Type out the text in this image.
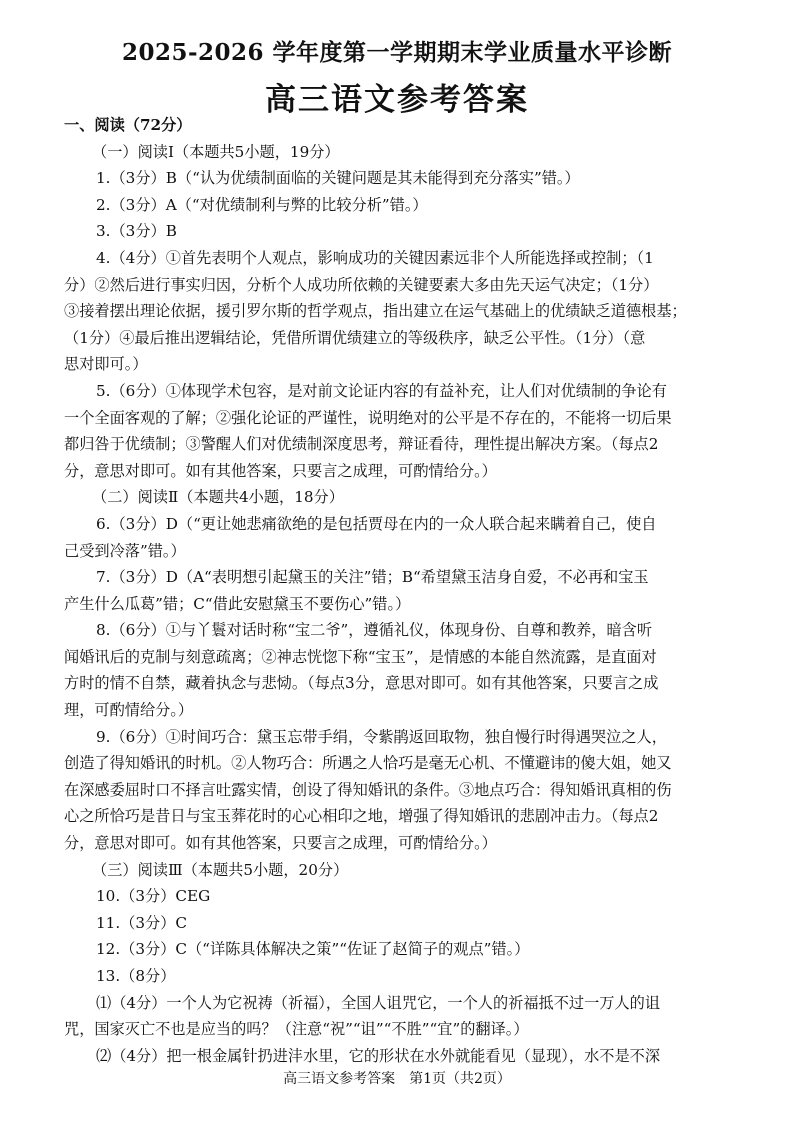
2025-2026 学年度第一学期期末学业质量水平诊断
高三语文参考答案
一、阅读（72分）
（一）阅读Ⅰ（本题共5小题，19分）
1.（3分）B（“认为优绩制面临的关键问题是其未能得到充分落实”错。）
2.（3分）A（“对优绩制利与弊的比较分析”错。）
3.（3分）B
4.（4分）①首先表明个人观点，影响成功的关键因素远非个人所能选择或控制；（1
分）②然后进行事实归因，分析个人成功所依赖的关键要素大多由先天运气决定；（1分）
③接着摆出理论依据，援引罗尔斯的哲学观点，指出建立在运气基础上的优绩缺乏道德根基；
（1分）④最后推出逻辑结论，凭借所谓优绩建立的等级秩序，缺乏公平性。（1分）（意
思对即可。）
5.（6分）①体现学术包容，是对前文论证内容的有益补充，让人们对优绩制的争论有
一个全面客观的了解；②强化论证的严谨性，说明绝对的公平是不存在的，不能将一切后果
都归咎于优绩制；③警醒人们对优绩制深度思考，辩证看待，理性提出解决方案。（每点2
分，意思对即可。如有其他答案，只要言之成理，可酌情给分。）
（二）阅读Ⅱ（本题共4小题，18分）
6.（3分）D（“更让她悲痛欲绝的是包括贾母在内的一众人联合起来瞒着自己，使自
己受到冷落”错。）
7.（3分）D（A“表明想引起黛玉的关注”错；B“希望黛玉洁身自爱，不必再和宝玉
产生什么瓜葛”错；C“借此安慰黛玉不要伤心”错。）
8.（6分）①与丫鬟对话时称“宝二爷”，遵循礼仪，体现身份、自尊和教养，暗含听
闻婚讯后的克制与刻意疏离；②神志恍惚下称“宝玉”，是情感的本能自然流露，是直面对
方时的情不自禁，藏着执念与悲恸。（每点3分，意思对即可。如有其他答案，只要言之成
理，可酌情给分。）
9.（6分）①时间巧合：黛玉忘带手绢，令紫鹃返回取物，独自慢行时得遇哭泣之人，
创造了得知婚讯的时机。②人物巧合：所遇之人恰巧是毫无心机、不懂避讳的傻大姐，她又
在深感委屈时口不择言吐露实情，创设了得知婚讯的条件。③地点巧合：得知婚讯真相的伤
心之所恰巧是昔日与宝玉葬花时的心心相印之地，增强了得知婚讯的悲剧冲击力。（每点2
分，意思对即可。如有其他答案，只要言之成理，可酌情给分。）
（三）阅读Ⅲ（本题共5小题，20分）
10.（3分）CEG
11.（3分）C
12.（3分）C（“详陈具体解决之策”“佐证了赵简子的观点”错。）
13.（8分）
⑴（4分）一个人为它祝祷（祈福），全国人诅咒它，一个人的祈福抵不过一万人的诅
咒，国家灭亡不也是应当的吗？（注意“祝”“诅”“不胜”“宜”的翻译。）
⑵（4分）把一根金属针扔进沣水里，它的形状在水外就能看见（显现），水不是不深
高三语文参考答案　第1页（共2页）
